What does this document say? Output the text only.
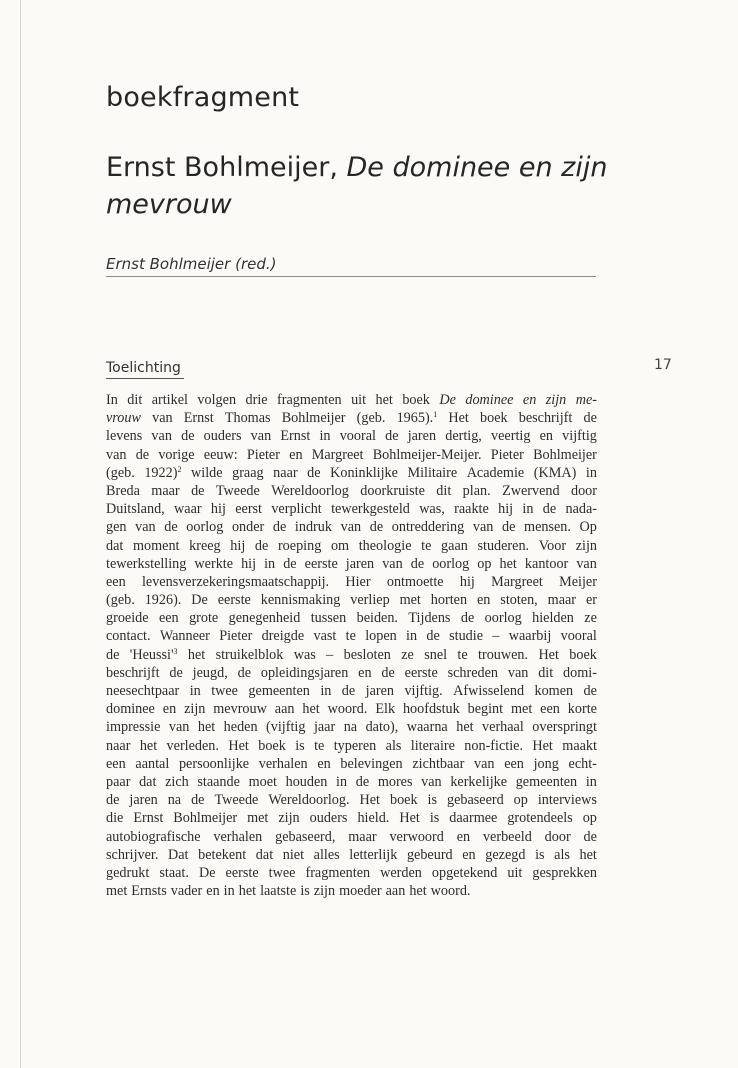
boekfragment
Ernst Bohlmeijer, De dominee en zijn mevrouw
Ernst Bohlmeijer (red.)
Toelichting	17
In dit artikel volgen drie fragmenten uit het boek De dominee en zijn me-
vrouw van Ernst Thomas Bohlmeijer (geb. 1965).$^1$ Het boek beschrijft de
levens van de ouders van Ernst in vooral de jaren dertig, veertig en vijftig
van de vorige eeuw: Pieter en Margreet Bohlmeijer-Meijer. Pieter Bohlmeijer
(geb. 1922)$^2$ wilde graag naar de Koninklijke Militaire Academie (KMA) in
Breda maar de Tweede Wereldoorlog doorkruiste dit plan. Zwervend door
Duitsland, waar hij eerst verplicht tewerkgesteld was, raakte hij in de nada-
gen van de oorlog onder de indruk van de ontreddering van de mensen. Op
dat moment kreeg hij de roeping om theologie te gaan studeren. Voor zijn
tewerkstelling werkte hij in de eerste jaren van de oorlog op het kantoor van
een levensverzekeringsmaatschappij. Hier ontmoette hij Margreet Meijer
(geb. 1926). De eerste kennismaking verliep met horten en stoten, maar er
groeide een grote genegenheid tussen beiden. Tijdens de oorlog hielden ze
contact. Wanneer Pieter dreigde vast te lopen in de studie – waarbij vooral
de '$Heussi'^3$ het struikelblok was – besloten ze snel te trouwen. Het boek
beschrijft de jeugd, de opleidingsjaren en de eerste schreden van dit domi-
neesechtpaar in twee gemeenten in de jaren vijftig. Afwisselend komen de
dominee en zijn mevrouw aan het woord. Elk hoofdstuk begint met een korte
impressie van het heden (vijftig jaar na dato), waarna het verhaal overspringt
naar het verleden. Het boek is te typeren als literaire non-fictie. Het maakt
een aantal persoonlijke verhalen en belevingen zichtbaar van een jong echt-
paar dat zich staande moet houden in de mores van kerkelijke gemeenten in
de jaren na de Tweede Wereldoorlog. Het boek is gebaseerd op interviews
die Ernst Bohlmeijer met zijn ouders hield. Het is daarmee grotendeels op
autobiografische verhalen gebaseerd, maar verwoord en verbeeld door de
schrijver. Dat betekent dat niet alles letterlijk gebeurd en gezegd is als het
gedrukt staat. De eerste twee fragmenten werden opgetekend uit gesprekken
met Ernsts vader en in het laatste is zijn moeder aan het woord.
